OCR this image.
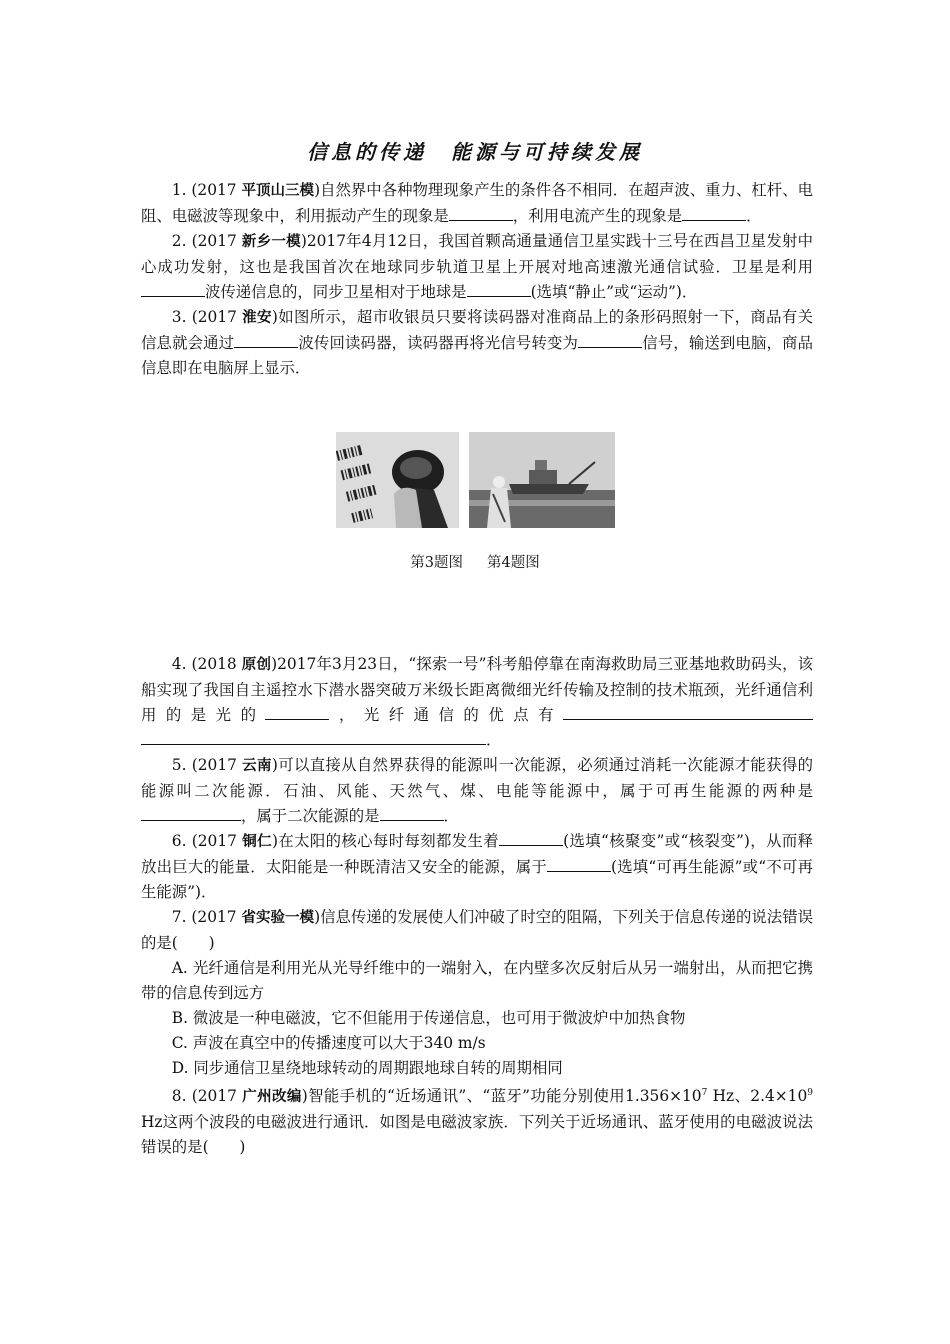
信息的传递　能源与可持续发展

1. (2017 平顶山三模)自然界中各种物理现象产生的条件各不相同．在超声波、重力、杠杆、电阻、电磁波等现象中，利用振动产生的现象是	，利用电流产生的现象是	．

2. (2017 新乡一模)2017年4月12日，我国首颗高通量通信卫星实践十三号在西昌卫星发射中心成功发射，这也是我国首次在地球同步轨道卫星上开展对地高速激光通信试验．卫星是利用波传递信息的，同步卫星相对于地球是	(选填“静止”或“运动”)．

3. (2017 淮安)如图所示，超市收银员只要将读码器对准商品上的条形码照射一下，商品有关信息就会通过	波传回读码器，读码器再将光信号转变为	信号，输送到电脑，商品信息即在电脑屏上显示．

第3题图 第4题图

4. (2018 原创)2017年3月23日，“探索一号”科考船停靠在南海救助局三亚基地救助码头，该船实现了我国自主遥控水下潜水器突破万米级长距离微细光纤传输及控制的技术瓶颈，光纤通信利用的是光的	，光纤通信的优点有．

5. (2017 云南)可以直接从自然界获得的能源叫一次能源，必须通过消耗一次能源才能获得的能源叫二次能源．石油、风能、天然气、煤、电能等能源中，属于可再生能源的两种是，属于二次能源的是	．

6. (2017 铜仁)在太阳的核心每时每刻都发生着	(选填“核聚变”或“核裂变”)，从而释放出巨大的能量．太阳能是一种既清洁又安全的能源，属于	(选填“可再生能源”或“不可再生能源”)．

7. (2017 省实验一模)信息传递的发展使人们冲破了时空的阻隔，下列关于信息传递的说法错误的是(　　)

A. 光纤通信是利用光从光导纤维中的一端射入，在内壁多次反射后从另一端射出，从而把它携带的信息传到远方

B. 微波是一种电磁波，它不但能用于传递信息，也可用于微波炉中加热食物

C. 声波在真空中的传播速度可以大于340 m/s

D. 同步通信卫星绕地球转动的周期跟地球自转的周期相同

8. (2017 广州改编)智能手机的“近场通讯”、“蓝牙”功能分别使用$1.356\times 10^7$ Hz、$2.4\times 10^9$ Hz这两个波段的电磁波进行通讯．如图是电磁波家族．下列关于近场通讯、蓝牙使用的电磁波说法错误的是(　　)
